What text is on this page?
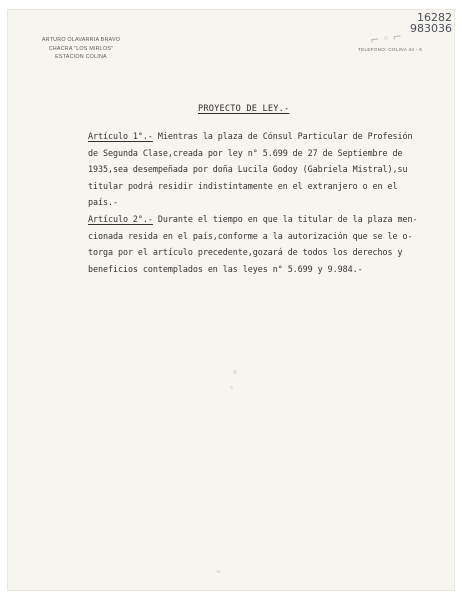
ARTURO OLAVARRIA BRAVO
CHACRA "LOS MIRLOS"
ESTACION COLINA
TELEFONO: COLINA 44 - 6
⌐ ◦ ⌐
16282
983036
PROYECTO DE LEY.-
Artículo 1°.- Mientras la plaza de Cónsul Particular de Profesión
de Segunda Clase,creada por ley n° 5.699 de 27 de Septiembre de
1935,sea desempeñada por doña Lucila Godoy (Gabriela Mistral),su
titular podrá residir indistintamente en el extranjero o en el
país.-
Artículo 2°.- Durante el tiempo en que la titular de la plaza men-
cionada resida en el país,conforme a la autorización que se le o-
torga por el artículo precedente,gozará de todos los derechos y
beneficios contemplados en las leyes n° 5.699 y 9.984.-
